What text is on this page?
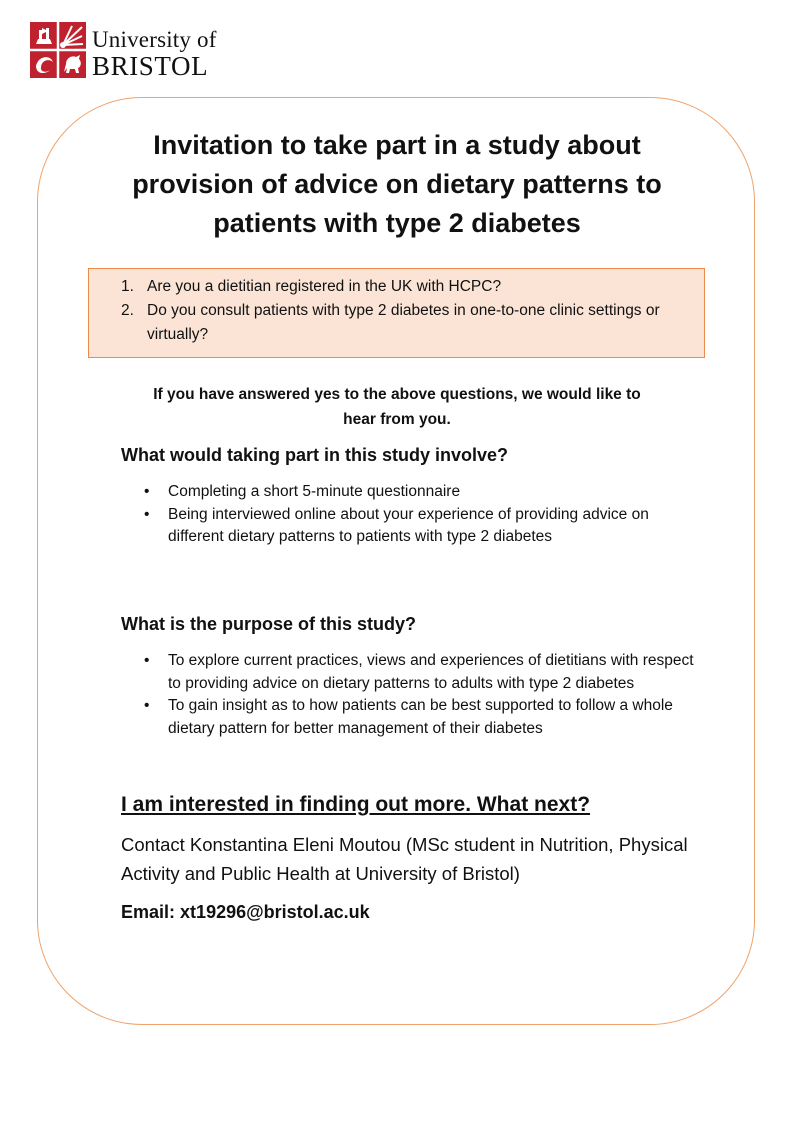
University of
BRISTOL
Invitation to take part in a study about
provision of advice on dietary patterns to
patients with type 2 diabetes
1. Are you a dietitian registered in the UK with HCPC?
2. Do you consult patients with type 2 diabetes in one-to-one clinic settings or virtually?

If you have answered yes to the above questions, we would like to
hear from you.

What would taking part in this study involve?
• Completing a short 5-minute questionnaire
• Being interviewed online about your experience of providing advice on different dietary patterns to patients with type 2 diabetes
What is the purpose of this study?
• To explore current practices, views and experiences of dietitians with respect to providing advice on dietary patterns to adults with type 2 diabetes
• To gain insight as to how patients can be best supported to follow a whole dietary pattern for better management of their diabetes
I am interested in finding out more. What next?

Contact Konstantina Eleni Moutou (MSc student in Nutrition, Physical Activity and Public Health at University of Bristol)

Email: xt19296@bristol.ac.uk
